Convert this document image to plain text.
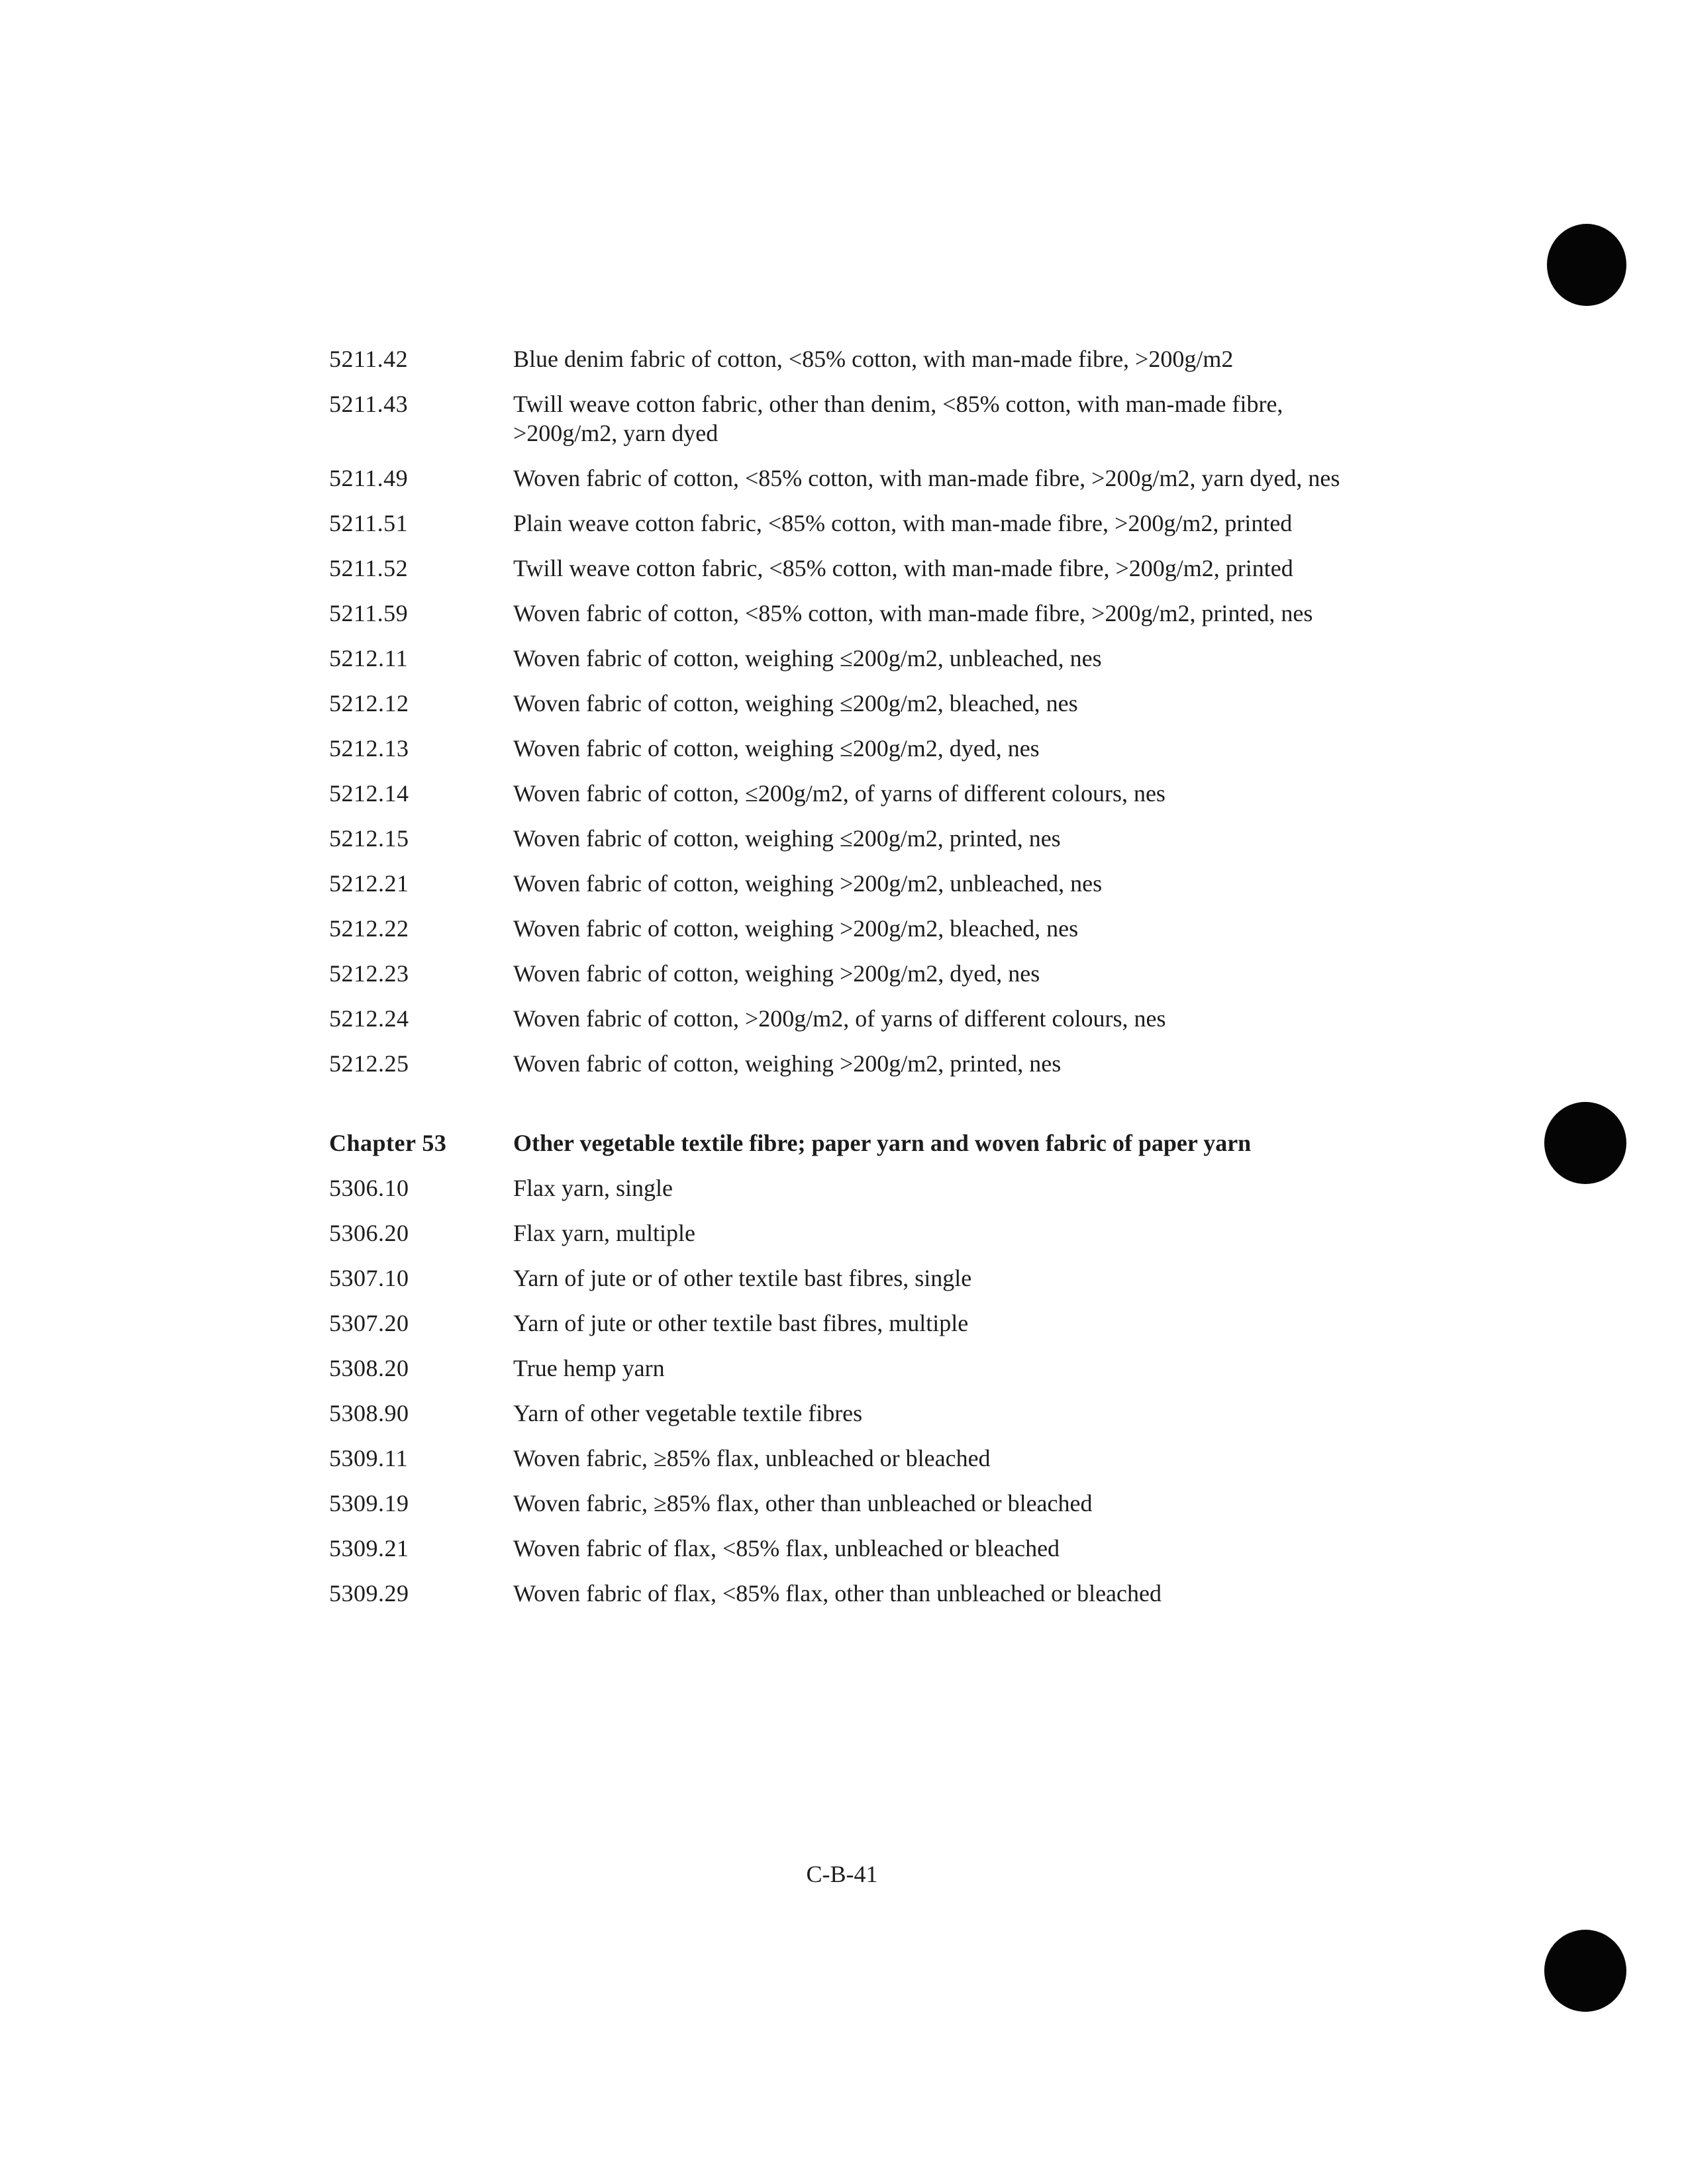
5211.42	Blue denim fabric of cotton, <85% cotton, with man-made fibre, >200g/m2
5211.43	Twill weave cotton fabric, other than denim, <85% cotton, with man-made fibre, >200g/m2, yarn dyed
5211.49	Woven fabric of cotton, <85% cotton, with man-made fibre, >200g/m2, yarn dyed, nes
5211.51	Plain weave cotton fabric, <85% cotton, with man-made fibre, >200g/m2, printed
5211.52	Twill weave cotton fabric, <85% cotton, with man-made fibre, >200g/m2, printed
5211.59	Woven fabric of cotton, <85% cotton, with man-made fibre, >200g/m2, printed, nes
5212.11	Woven fabric of cotton, weighing ≤200g/m2, unbleached, nes
5212.12	Woven fabric of cotton, weighing ≤200g/m2, bleached, nes
5212.13	Woven fabric of cotton, weighing ≤200g/m2, dyed, nes
5212.14	Woven fabric of cotton, ≤200g/m2, of yarns of different colours, nes
5212.15	Woven fabric of cotton, weighing ≤200g/m2, printed, nes
5212.21	Woven fabric of cotton, weighing >200g/m2, unbleached, nes
5212.22	Woven fabric of cotton, weighing >200g/m2, bleached, nes
5212.23	Woven fabric of cotton, weighing >200g/m2, dyed, nes
5212.24	Woven fabric of cotton, >200g/m2, of yarns of different colours, nes
5212.25	Woven fabric of cotton, weighing >200g/m2, printed, nes
Chapter 53	Other vegetable textile fibre; paper yarn and woven fabric of paper yarn
5306.10	Flax yarn, single
5306.20	Flax yarn, multiple
5307.10	Yarn of jute or of other textile bast fibres, single
5307.20	Yarn of jute or other textile bast fibres, multiple
5308.20	True hemp yarn
5308.90	Yarn of other vegetable textile fibres
5309.11	Woven fabric, ≥85% flax, unbleached or bleached
5309.19	Woven fabric, ≥85% flax, other than unbleached or bleached
5309.21	Woven fabric of flax, <85% flax, unbleached or bleached
5309.29	Woven fabric of flax, <85% flax, other than unbleached or bleached
C-B-41
